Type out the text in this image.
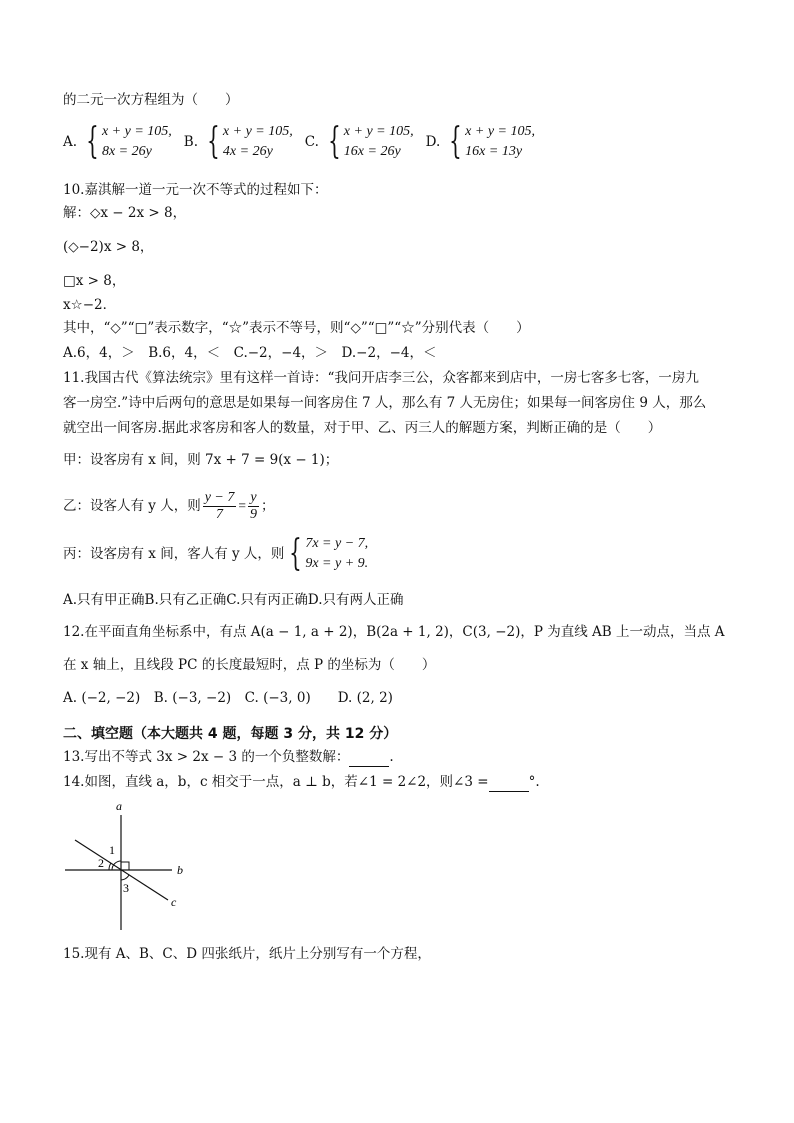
的二元一次方程组为（　　）
A. { x + y = 105,
8x = 26y
B. { x + y = 105,
4x = 26y
C. { x + y = 105,
16x = 26y
D. { x + y = 105,
16x = 13y
10.嘉淇解一道一元一次不等式的过程如下：
解：◇x − 2x > 8，
(◇−2)x > 8，
□x > 8，
x☆−2．
其中，“◇”“□”表示数字，“☆”表示不等号，则“◇”“□”“☆”分别代表（　　）
A.6，4，＞　B.6，4，＜　C.−2，−4，＞　D.−2，−4，＜
11.我国古代《算法统宗》里有这样一首诗：“我问开店李三公，众客都来到店中，一房七客多七客，一房九
客一房空.”诗中后两句的意思是如果每一间客房住 7 人，那么有 7 人无房住；如果每一间客房住 9 人，那么
就空出一间客房.据此求客房和客人的数量，对于甲、乙、丙三人的解题方案，判断正确的是（　　）
甲：设客房有 x 间，则 7x + 7 = 9(x − 1)；
乙：设客人有 y 人，则 $\frac{y - 7}{7} = \frac{y}{9}$ ；
丙：设客房有 x 间，客人有 y 人，则 { 7x = y − 7,
9x = y + 9.
A.只有甲正确B.只有乙正确C.只有丙正确D.只有两人正确
12.在平面直角坐标系中，有点 A(a − 1, a + 2)，B(2a + 1, 2)，C(3, −2)，P 为直线 AB 上一动点，当点 A
在 x 轴上，且线段 PC 的长度最短时，点 P 的坐标为（　　）
A. (−2, −2)　B. (−3, −2)　C. (−3, 0)　　D. (2, 2)
二、填空题（本大题共 4 题，每题 3 分，共 12 分）
13.写出不等式 3x > 2x − 3 的一个负整数解：	.
14.如图，直线 a，b，c 相交于一点，a ⊥ b，若∠1 = 2∠2，则∠3 =	°.
a
b
c
1
2
3
15.现有 A、B、C、D 四张纸片，纸片上分别写有一个方程，
